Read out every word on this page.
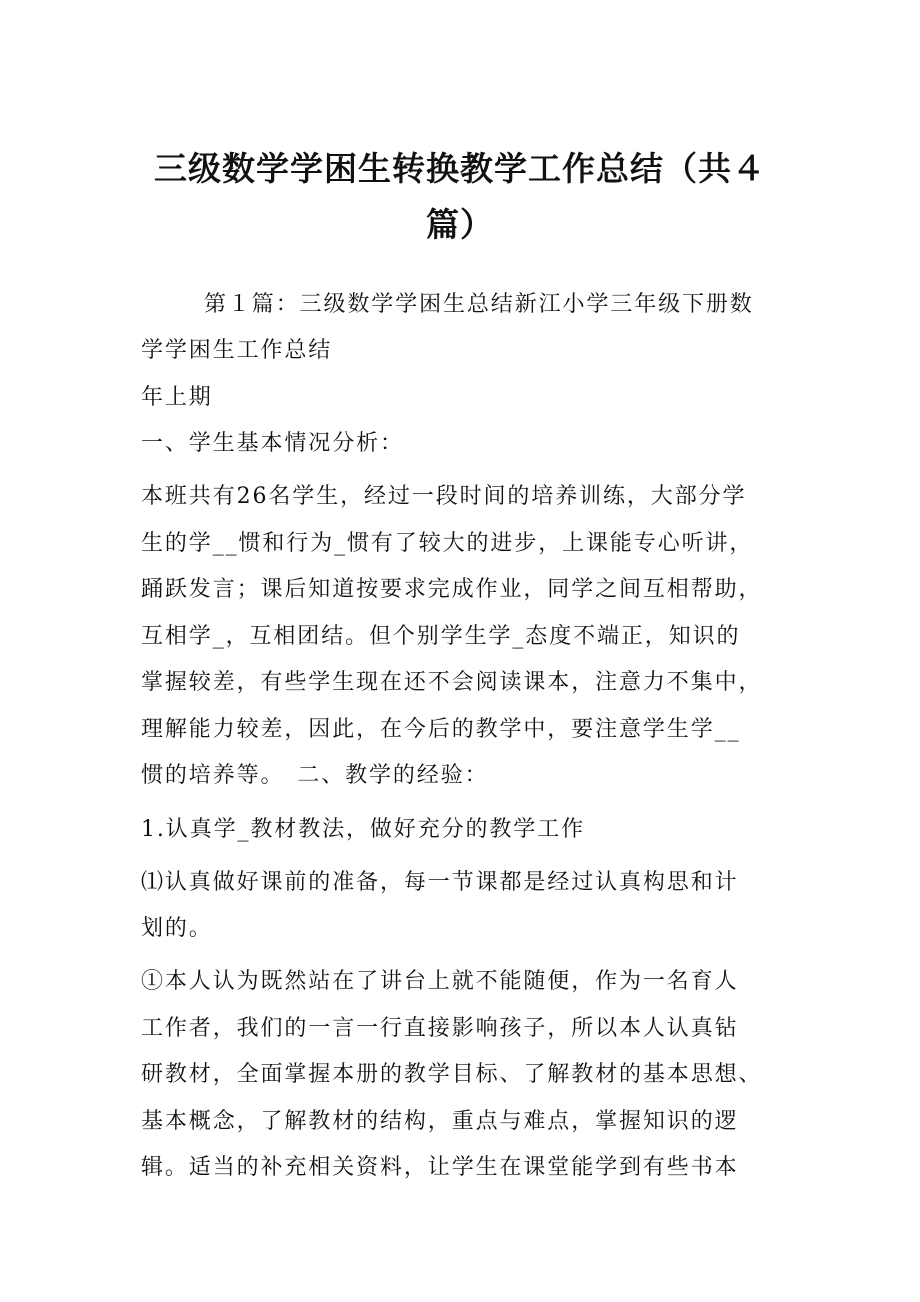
三级数学学困生转换教学工作总结（共４
篇）
第１篇：三级数学学困生总结新江小学三年级下册数
学学困生工作总结
年上期
一、学生基本情况分析：
本班共有26名学生，经过一段时间的培养训练，大部分学
生的学__惯和行为_惯有了较大的进步，上课能专心听讲，
踊跃发言；课后知道按要求完成作业，同学之间互相帮助，
互相学_，互相团结。但个别学生学_态度不端正，知识的
掌握较差，有些学生现在还不会阅读课本，注意力不集中，
理解能力较差，因此，在今后的教学中，要注意学生学__
惯的培养等。　二、教学的经验：
1.认真学_教材教法，做好充分的教学工作
⑴认真做好课前的准备，每一节课都是经过认真构思和计
划的。
①本人认为既然站在了讲台上就不能随便，作为一名育人
工作者，我们的一言一行直接影响孩子，所以本人认真钻
研教材，全面掌握本册的教学目标、了解教材的基本思想、
基本概念，了解教材的结构，重点与难点，掌握知识的逻
辑。适当的补充相关资料，让学生在课堂能学到有些书本
